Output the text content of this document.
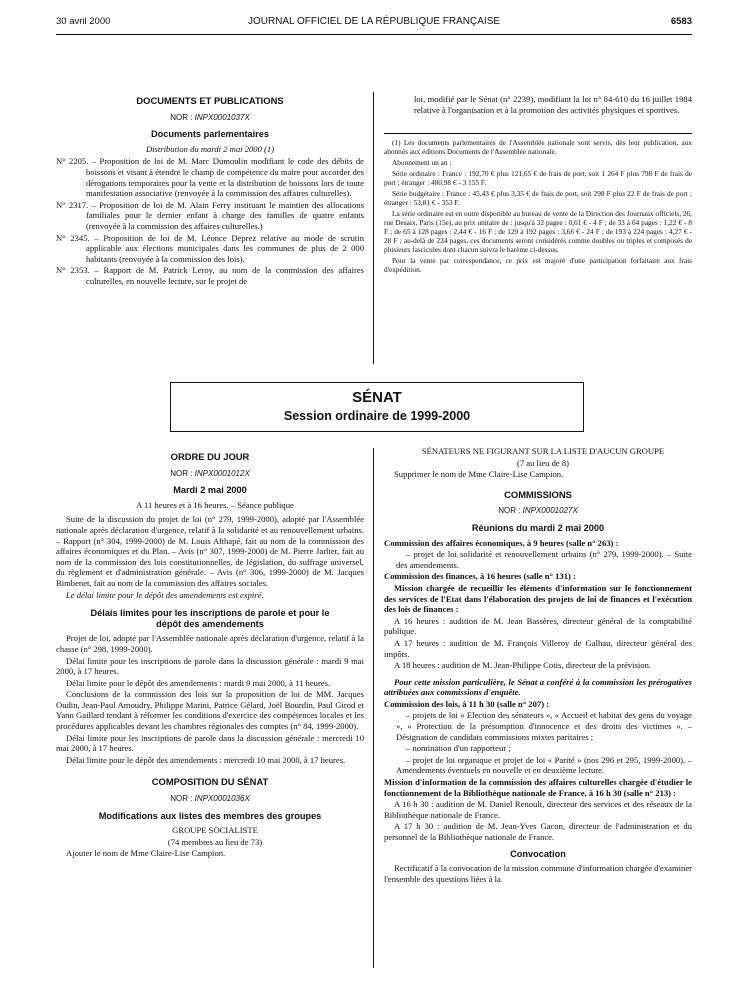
30 avril 2000	JOURNAL OFFICIEL DE LA RÉPUBLIQUE FRANÇAISE	6583
DOCUMENTS ET PUBLICATIONS
NOR : INPX0001037X
Documents parlementaires
Distribution du mardi 2 mai 2000 (1)
N° 2205. – Proposition de loi de M. Marc Dumoulin modifiant le code des débits de boissons et visant à étendre le champ de compétence du maire pour accorder des dérogations temporaires pour la vente et la distribution de boissons lors de toute manifestation associative (renvoyée à la commission des affaires culturelles).
N° 2317. – Proposition de loi de M. Alain Ferry instituant le maintien des allocations familiales pour le dernier enfant à charge des familles de quatre enfants (renvoyée à la commission des affaires culturelles.)
N° 2345. – Proposition de loi de M. Léonce Deprez relative au mode de scrutin applicable aux élections municipales dans les communes de plus de 2 000 habitants (renvoyée à la commission des lois).
N° 2353. – Rapport de M. Patrick Leroy, au nom de la commission des affaires culturelles, en nouvelle lecture, sur le projet de

loi, modifié par le Sénat (n° 2239), modifiant la loi n° 84-610 du 16 juillet 1984 relative à l'organisation et à la promotion des activités physiques et sportives.

(1) Les documents parlementaires de l'Assemblée nationale sont servis, dès leur publication, aux abonnés aux éditions Documents de l'Assemblée nationale.

Abonnement un an :

Série ordinaire : France : 192,70 € plus 121,65 € de frais de port, soit 1 264 F plus 798 F de frais de port ; étranger : 480,98 € - 3 155 F.

Série budgétaire : France : 45,43 € plus 3,35 € de frais de port, soit 298 F plus 22 F de frais de port ; étranger : 53,81 € - 353 F.

La série ordinaire est en outre disponible au bureau de vente de la Direction des Journaux officiels, 26, rue Desaix, Paris (15e), au prix unitaire de : jusqu'à 32 pages : 0,61 € - 4 F ; de 33 à 64 pages : 1,22 € - 8 F ; de 65 à 128 pages : 2,44 € - 16 F ; de 129 à 192 pages : 3,66 € - 24 F ; de 193 à 224 pages : 4,27 € - 28 F ; au-delà de 224 pages, ces documents seront considérés comme doubles ou triples et composés de plusieurs fascicules dont chacun suivra le barème ci-dessus.

Pour la vente par correspondance, ce prix est majoré d'une participation forfaitaire aux frais d'expédition.

SÉNAT
Session ordinaire de 1999-2000
ORDRE DU JOUR
NOR : INPX0001012X
Mardi 2 mai 2000

A 11 heures et à 16 heures. – Séance publique

Suite de la discussion du projet de loi (n° 279, 1999-2000), adopté par l'Assemblée nationale après déclaration d'urgence, relatif à la solidarité et au renouvellement urbains. – Rapport (n° 304, 1999-2000) de M. Louis Althapé, fait au nom de la commission des affaires économiques et du Plan. – Avis (n° 307, 1999-2000) de M. Pierre Jarlier, fait au nom de la commission des lois constitutionnelles, de législation, du suffrage universel, du règlement et d'administration générale. – Avis (n° 306, 1999-2000) de M. Jacques Bimbenet, fait au nom de la commission des affaires sociales.

Le délai limite pour le dépôt des amendements est expiré.

Délais limites pour les inscriptions de parole et pour le dépôt des amendements

Projet de loi, adopté par l'Assemblée nationale après déclaration d'urgence, relatif à la chasse (n° 298, 1999-2000).

Délai limite pour les inscriptions de parole dans la discussion générale : mardi 9 mai 2000, à 17 heures.

Délai limite pour le dépôt des amendements : mardi 9 mai 2000, à 11 heures.

Conclusions de la commission des lois sur la proposition de loi de MM. Jacques Oudin, Jean-Paul Amoudry, Philippe Marini, Patrice Gélard, Joël Bourdin, Paul Girod et Yann Gaillard tendant à réformer les conditions d'exercice des compétences locales et les procédures applicables devant les chambres régionales des comptes (n° 84, 1999-2000).

Délai limite pour les inscriptions de parole dans la discussion générale : mercredi 10 mai 2000, à 17 heures.

Délai limite pour le dépôt des amendements : mercredi 10 mai 2000, à 17 heures.

COMPOSITION DU SÉNAT
NOR : INPX0001036X
Modifications aux listes des membres des groupes

GROUPE SOCIALISTE

(74 membres au lieu de 73)

Ajouter le nom de Mme Claire-Lise Campion.

SÉNATEURS NE FIGURANT SUR LA LISTE D'AUCUN GROUPE

(7 au lieu de 8)

Supprimer le nom de Mme Claire-Lise Campion.

COMMISSIONS
NOR : INPX0001027X
Réunions du mardi 2 mai 2000

Commission des affaires économiques, à 9 heures (salle n° 263) :

– projet de loi solidarité et renouvellement urbains (n° 279, 1999-2000). – Suite des amendements.

Commission des finances, à 16 heures (salle n° 131) :

Mission chargée de recueillir les éléments d'information sur le fonctionnement des services de l'Etat dans l'élaboration des projets de loi de finances et l'exécution des lois de finances :

A 16 heures : audition de M. Jean Bassères, directeur général de la comptabilité publique.

A 17 heures : audition de M. François Villeroy de Galhau, directeur général des impôts.

A 18 heures : audition de M. Jean-Philippe Cotis, directeur de la prévision.

Pour cette mission particulière, le Sénat a conféré à la commission les prérogatives attribuées aux commissions d'enquête.

Commission des lois, à 11 h 30 (salle n° 207) :

– projets de loi « Election des sénateurs », « Accueil et habitat des gens du voyage », « Protection de la présomption d'innocence et des droits des victimes ». – Désignation de candidats commissions mixtes paritaires ;

– nomination d'un rapporteur ;

– projet de loi organique et projet de loi « Parité » (nos 296 et 295, 1999-2000). – Amendements éventuels en nouvelle et en deuxième lecture.

Mission d'information de la commission des affaires culturelles chargée d'étudier le fonctionnement de la Bibliothèque nationale de France, à 16 h 30 (salle n° 213) :

A 16 h 30 : audition de M. Daniel Renoult, directeur des services et des réseaux de la Bibliothèque nationale de France.

A 17 h 30 : audition de M. Jean-Yves Gacon, directeur de l'administration et du personnel de la Bibliothèque nationale de France.

Convocation

Rectificatif à la convocation de la mission commune d'information chargée d'examiner l'ensemble des questions liées à la
